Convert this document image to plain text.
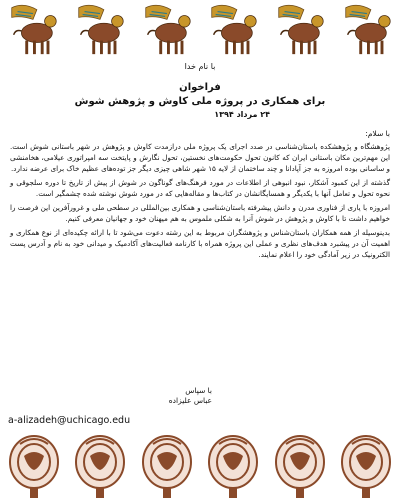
با نام خدا
فراخوان
برای همکاری در پروژه ملی کاوش و پژوهش شوش
۲۴ مرداد ۱۳۹۴
با سلام:
پژوهشگاه و پژوهشکده باستان‌شناسی در صدد اجرای یک پروژه ملی درازمدت کاوش و پژوهش در شهر باستانی شوش است. این مهم‌ترین مکان باستانی ایران که کانون تحول حکومت‌های نخستین، تحول نگارش و پایتخت سه امپراتوری عیلامی، هخامنشی و ساسانی بوده امروزه به جز آپادانا و چند ساختمان از لایه ۱۵ شهر شاهی چیزی دیگر جز توده‌های عظیم خاک برای عرضه ندارد.
گذشته از این کمبود آشکار، نبود انبوهی از اطلاعات در مورد فرهنگ‌های گوناگون در شوش از پیش از تاریخ تا دوره سلجوقی و نحوه تحول و تعامل آنها با یکدیگر و همسایگانشان در کتاب‌ها و مقاله‌هایی که در مورد شوش نوشته شده چشمگیر است.
امروزه با یاری از فناوری مدرن و دانش پیشرفته باستان‌شناسی و همکاری بین‌المللی در سطحی ملی و غرورآفرین این فرصت را خواهیم داشت تا با کاوش و پژوهش در شوش آنرا به شکلی ملموس به هم میهنان خود و جهانیان معرفی کنیم.
بدینوسیله از همه همکاران باستان‌شناس و پژوهشگران مربوط به این رشته دعوت می‌شود تا با ارائه چکیده‌ای از نوع همکاری و اهمیت آن در پیشبرد هدف‌های نظری و عملی این پروژه همراه با کارنامه فعالیت‌های آکادمیک و میدانی خود به نام و آدرس پست الکترونیک در زیر آمادگی خود را اعلام نمایند.
با سپاس
عباس علیزاده
a-alizadeh@uchicago.edu
